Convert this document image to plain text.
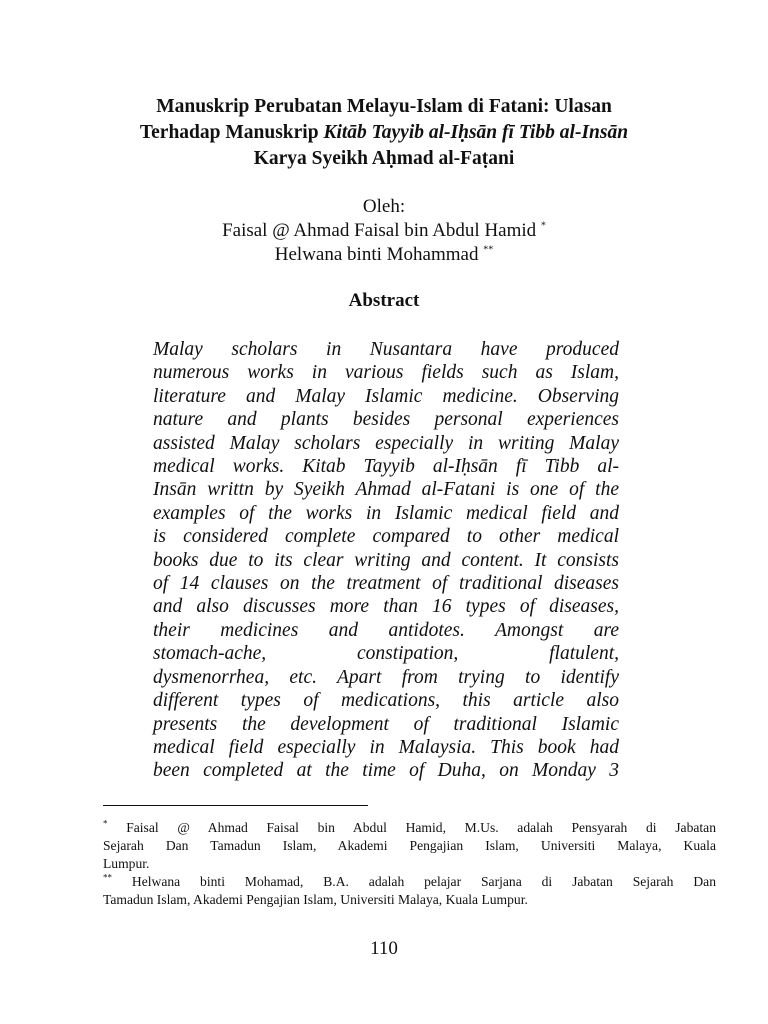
Manuskrip Perubatan Melayu-Islam di Fatani: Ulasan
Terhadap Manuskrip Kitāb Tayyib al-Iḥsān fī Tibb al-Insān
Karya Syeikh Aḥmad al-Faṭani
Oleh:
Faisal @ Ahmad Faisal bin Abdul Hamid *
Helwana binti Mohammad **
Abstract
Malay scholars in Nusantara have produced
numerous works in various fields such as Islam,
literature and Malay Islamic medicine. Observing
nature and plants besides personal experiences
assisted Malay scholars especially in writing Malay
medical works. Kitab Tayyib al-Iḥsān fī Tibb al-
Insān writtn by Syeikh Ahmad al-Fatani is one of the
examples of the works in Islamic medical field and
is considered complete compared to other medical
books due to its clear writing and content. It consists
of 14 clauses on the treatment of traditional diseases
and also discusses more than 16 types of diseases,
their medicines and antidotes. Amongst are
stomach-ache, constipation, flatulent,
dysmenorrhea, etc. Apart from trying to identify
different types of medications, this article also
presents the development of traditional Islamic
medical field especially in Malaysia. This book had
been completed at the time of Duha, on Monday 3
* Faisal @ Ahmad Faisal bin Abdul Hamid, M.Us. adalah Pensyarah di Jabatan
Sejarah Dan Tamadun Islam, Akademi Pengajian Islam, Universiti Malaya, Kuala
Lumpur.
** Helwana binti Mohamad, B.A. adalah pelajar Sarjana di Jabatan Sejarah Dan
Tamadun Islam, Akademi Pengajian Islam, Universiti Malaya, Kuala Lumpur.
110
